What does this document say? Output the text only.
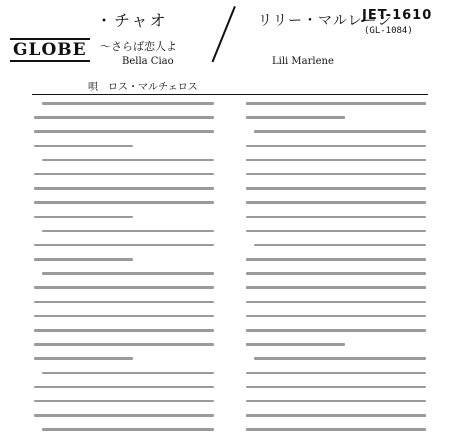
GLOBE
・チャオ
〜さらば恋人よ
Bella Ciao
リリー・マルレーン
Lili Marlene
JET-1610
(GL-1084)
唄　ロス・マルチェロス
